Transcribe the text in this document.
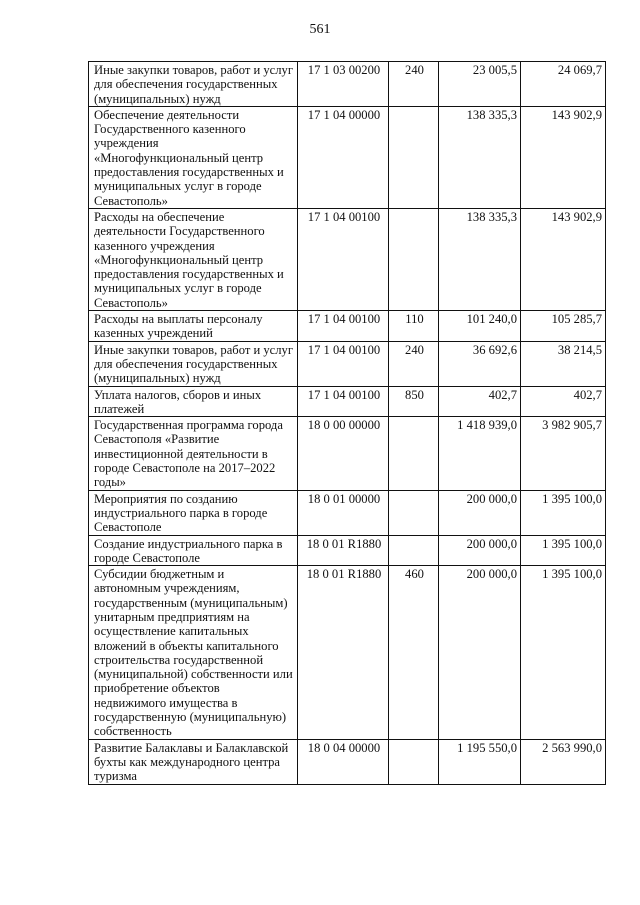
561
Иные закупки товаров, работ и услуг для обеспечения государственных (муниципальных) нужд	17 1 03 00200	240	23 005,5	24 069,7
Обеспечение деятельности Государственного казенного учреждения «Многофункциональный центр предоставления государственных и муниципальных услуг в городе Севастополь»	17 1 04 00000		138 335,3	143 902,9
Расходы на обеспечение деятельности Государственного казенного учреждения «Многофункциональный центр предоставления государственных и муниципальных услуг в городе Севастополь»	17 1 04 00100		138 335,3	143 902,9
Расходы на выплаты персоналу казенных учреждений	17 1 04 00100	110	101 240,0	105 285,7
Иные закупки товаров, работ и услуг для обеспечения государственных (муниципальных) нужд	17 1 04 00100	240	36 692,6	38 214,5
Уплата налогов, сборов и иных платежей	17 1 04 00100	850	402,7	402,7
Государственная программа города Севастополя «Развитие инвестиционной деятельности в городе Севастополе на 2017–2022 годы»	18 0 00 00000		1 418 939,0	3 982 905,7
Мероприятия по созданию индустриального парка в городе Севастополе	18 0 01 00000		200 000,0	1 395 100,0
Создание индустриального парка в городе Севастополе	18 0 01 R1880		200 000,0	1 395 100,0
Субсидии бюджетным и автономным учреждениям, государственным (муниципальным) унитарным предприятиям на осуществление капитальных вложений в объекты капитального строительства государственной (муниципальной) собственности или приобретение объектов недвижимого имущества в государственную (муниципальную) собственность	18 0 01 R1880	460	200 000,0	1 395 100,0
Развитие Балаклавы и Балаклавской бухты как международного центра туризма	18 0 04 00000		1 195 550,0	2 563 990,0
